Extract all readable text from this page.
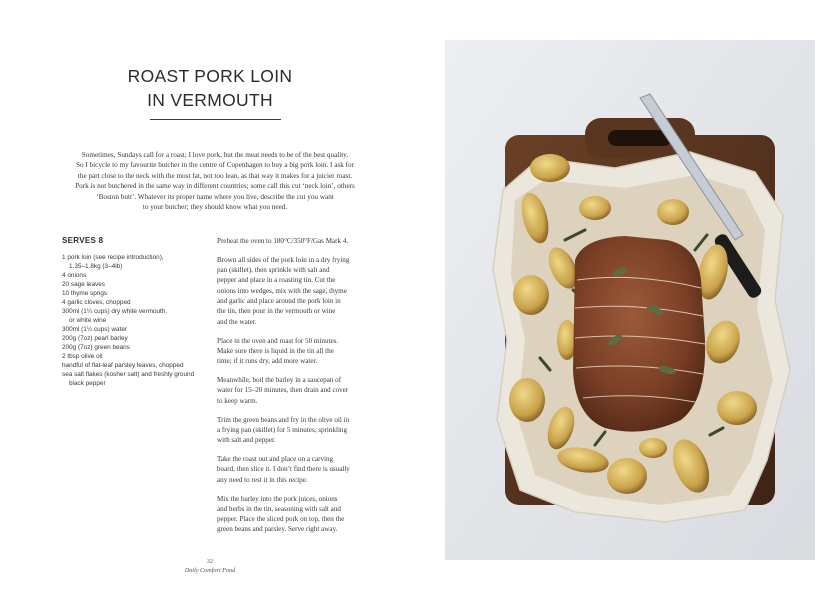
ROAST PORK LOIN
IN VERMOUTH
Sometimes, Sundays call for a roast; I love pork, but the meat needs to be of the best quality.
So I bicycle to my favourite butcher in the centre of Copenhagen to buy a big pork loin. I ask for
the part close to the neck with the most fat, not too lean, as that way it makes for a juicier roast.
Pork is not butchered in the same way in different countries; some call this cut ‘neck loin’, others
‘Boston butt’. Whatever its proper name where you live, describe the cut you want
to your butcher; they should know what you need.
SERVES 8
1 pork loin (see recipe introduction),
1.35–1.8kg (3–4lb)
4 onions
20 sage leaves
10 thyme sprigs
4 garlic cloves, chopped
300ml (1¼ cups) dry white vermouth,
or white wine
300ml (1¼ cups) water
200g (7oz) pearl barley
200g (7oz) green beans
2 tbsp olive oil
handful of flat-leaf parsley leaves, chopped
sea salt flakes (kosher salt) and freshly ground
black pepper

Preheat the oven to 180°C/350°F/Gas Mark 4.

Brown all sides of the pork loin in a dry frying
pan (skillet), then sprinkle with salt and
pepper and place in a roasting tin. Cut the
onions into wedges, mix with the sage, thyme
and garlic and place around the pork loin in
the tin, then pour in the vermouth or wine
and the water.

Place in the oven and roast for 50 minutes.
Make sure there is liquid in the tin all the
time; if it runs dry, add more water.

Meanwhile, boil the barley in a saucepan of
water for 15–20 minutes, then drain and cover
to keep warm.

Trim the green beans and fry in the olive oil in
a frying pan (skillet) for 5 minutes, sprinkling
with salt and pepper.

Take the roast out and place on a carving
board, then slice it. I don’t find there is usually
any need to rest it in this recipe.

Mix the barley into the pork juices, onions
and herbs in the tin, seasoning with salt and
pepper. Place the sliced pork on top, then the
green beans and parsley. Serve right away.

32
Daily Comfort Food
